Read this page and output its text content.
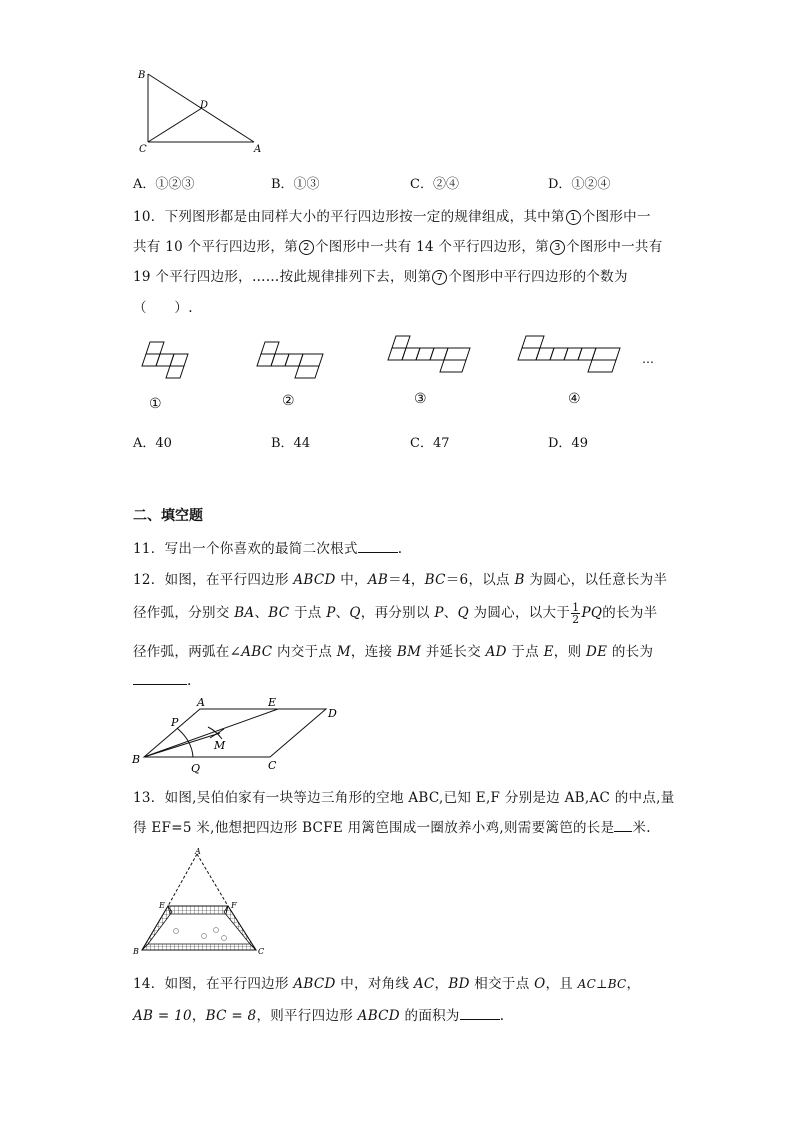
B
D
C	A
A．①②③	B．①③	C．②④	D．①②④
10．下列图形都是由同样大小的平行四边形按一定的规律组成，其中第 1 个图形中一
共有 10 个平行四边形，第 2 个图形中一共有 14 个平行四边形，第 3 个图形中一共有
19 个平行四边形，……按此规律排列下去，则第 7 个图形中平行四边形的个数为
（　　）.
…
①	②	③	④
A．40	B．44	C．47	D．49
二、填空题
11．写出一个你喜欢的最简二次根式	.
12．如图，在平行四边形 ABCD 中，AB＝4，BC＝6，以点 B 为圆心，以任意长为半
径作弧，分别交 BA、BC 于点 P、Q，再分别以 P、Q 为圆心，以大于 $\frac{1}{2}$ PQ的长为半
径作弧，两弧在∠ABC 内交于点 M，连接 BM 并延长交 AD 于点 E，则 DE 的长为
.
A	E
D
P
M
B
Q	C
13．如图,吴伯伯家有一块等边三角形的空地 ABC,已知 E,F 分别是边 AB,AC 的中点,量
得 EF=5 米,他想把四边形 BCFE 用篱笆围成一圈放养小鸡,则需要篱笆的长是 米.
A
E	F
B	C
14．如图，在平行四边形 ABCD 中，对角线 AC，BD 相交于点 O，且 AC⊥BC，
AB = 10，BC = 8，则平行四边形 ABCD 的面积为	.
